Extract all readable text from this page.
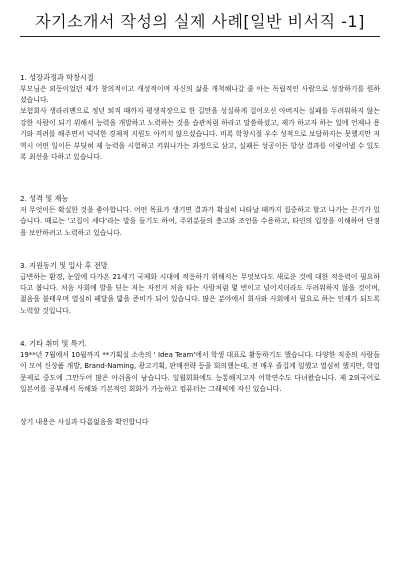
자기소개서 작성의 실제 사례[일반 비서직 -1]
1. 성장과정과 학창시절

부모님은 외동이었던 제가 창의적이고 개성적이며 자신의 삶을 개척해나갈 줄 아는 독립적인 사람으로 성장하기를 원하셨습니다.

보험회사 생라리맨으로 정년 퇴직 때까지 평생직장으로 한 길만을 성실하게 걸어오신 아버지는 실패를 두려워하지 않는 강한 사람이 되기 위해서 능력을 개발하고 노력하는 것을 습관처럼 하라고 말씀하셨고, 제가 하고자 하는 일에 언제나 용기와 격려를 해주면서 넉넉한 경제적 지원도 아끼지 않으셨습니다. 비록 학창시절 우수 성적으로 보답하지는 못했지만 저 역시 어떤 일이든 부딪혀 제 능력을 시험하고 키워나가는 과정으로 삼고, 실패든 성공이든 항상 결과를 이렇어낼 수 있도록 최선을 다하고 있습니다.

2. 성격 및 재능

저 무엇이든 확실한 것을 좋아합니다. 어떤 목표가 생기면 결과가 확실히 나타날 때까지 집중하고 할고 나가는 끈기가 있습니다. 때로는 '고집이 세다'라는 말을 들기도 하여, 주위분들의 충고와 조언을 수용하고, 타인의 입장을 이해하여 단점을 보안하려고 노력하고 있습니다.

3. 지원동기 및 입사 후 전망

급변하는 환경, 눈앞에 다가온 21세기 국제화 시대에 적응하기 위해서는 무엇보다도 새로운 것에 대한 적응력이 필요하다고 봅니다. 처음 사회에 발을 딛는 저는 자전거 처음 타는 사람처럼 몇 번이고 넘어지더라도 두려워하지 않을 것이며, 젊음을 불태우며 열심히 페달을 밟을 준비가 되어 있습니다. 많은 분야에서 회사와 사회에서 필요로 하는 인재가 되도록 노력할 것입니다.

4. 기타 취미 및 특기.

19**년 7월에서 10월까지 **기획실 소속의 ' Idea Team'에서 학생 대표로 활동하기도 했습니다. 다양한 직종의 사람들이 모여 신상품 개발, Brand-Naming, 광고기획, 판매전략 등을 회의했는데, 전 매우 즐겁게 일했고 열심히 했지만, 학업 문제로 중도에 그만두어 많은 아쉬움이 남습니다. 일윌회화에도 능통해지고자 어학연수도 다녀왔습니다. 제 2외국어로 일본어를 공부해서 독해와 기본적인 회화가 가능하고 컴퓨터는 그래픽에 자신 있습니다.

상기 내용은 사실과 다름없음을 확인합니다
